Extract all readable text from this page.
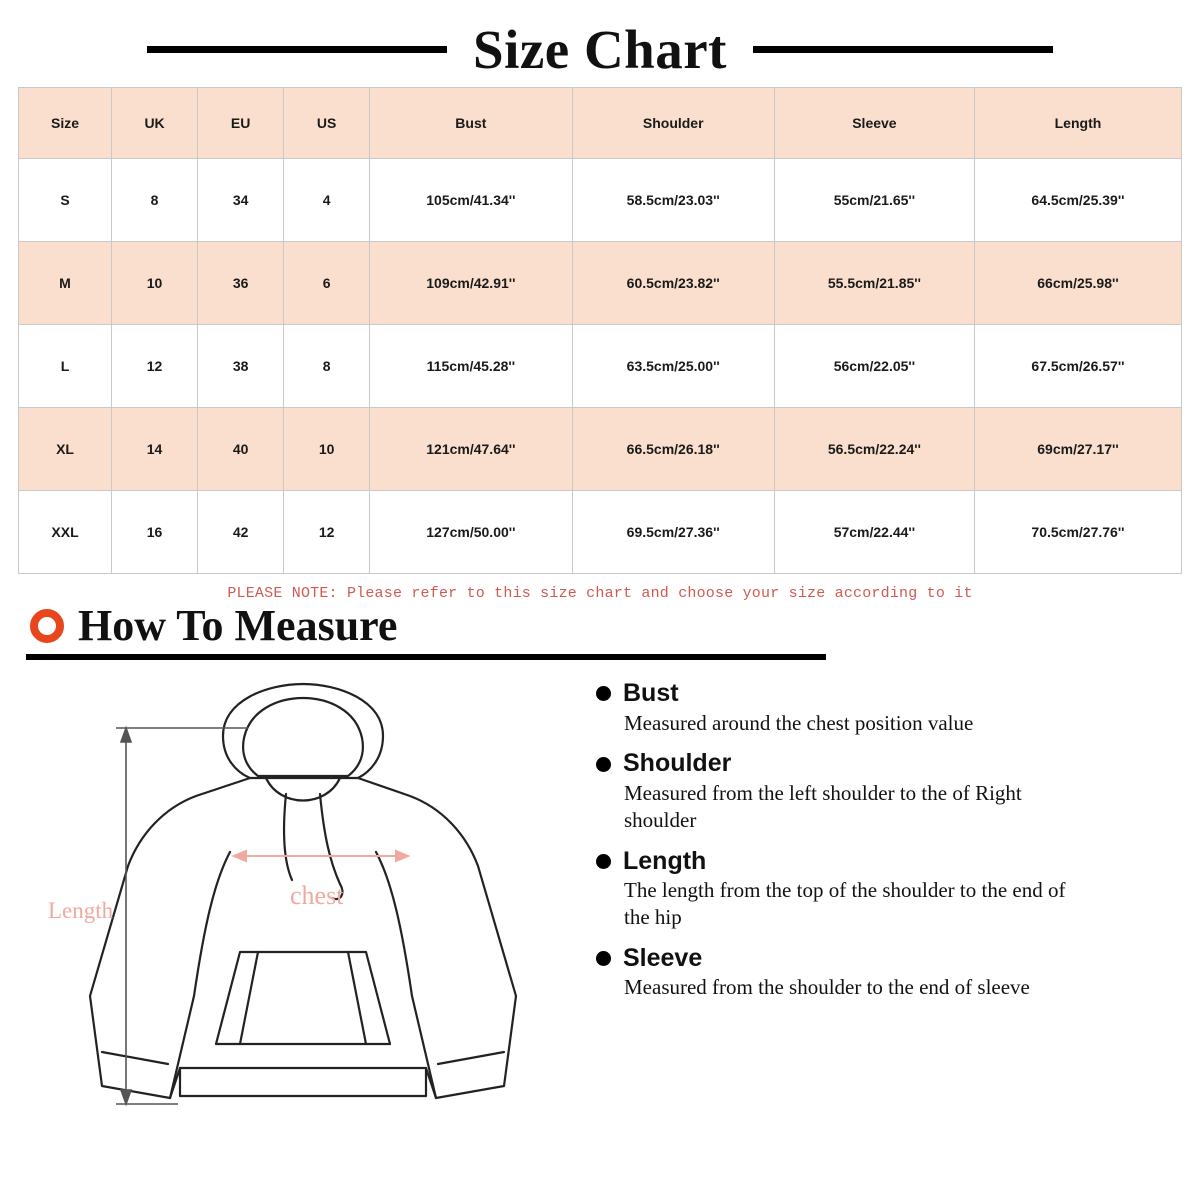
Size Chart
Size	UK	EU	US	Bust	Shoulder	Sleeve	Length
S	8	34	4	105cm/41.34''	58.5cm/23.03''	55cm/21.65''	64.5cm/25.39''
M	10	36	6	109cm/42.91''	60.5cm/23.82''	55.5cm/21.85''	66cm/25.98''
L	12	38	8	115cm/45.28''	63.5cm/25.00''	56cm/22.05''	67.5cm/26.57''
XL	14	40	10	121cm/47.64''	66.5cm/26.18''	56.5cm/22.24''	69cm/27.17''
XXL	16	42	12	127cm/50.00''	69.5cm/27.36''	57cm/22.44''	70.5cm/27.76''
PLEASE NOTE: Please refer to this size chart and choose your size according to it
How To Measure
chest
Length
Bust
Measured around the chest position value
Shoulder
Measured from the left shoulder to the of Right shoulder
Length
The length from the top of the shoulder to the end of the hip
Sleeve
Measured from the shoulder to the end of sleeve
